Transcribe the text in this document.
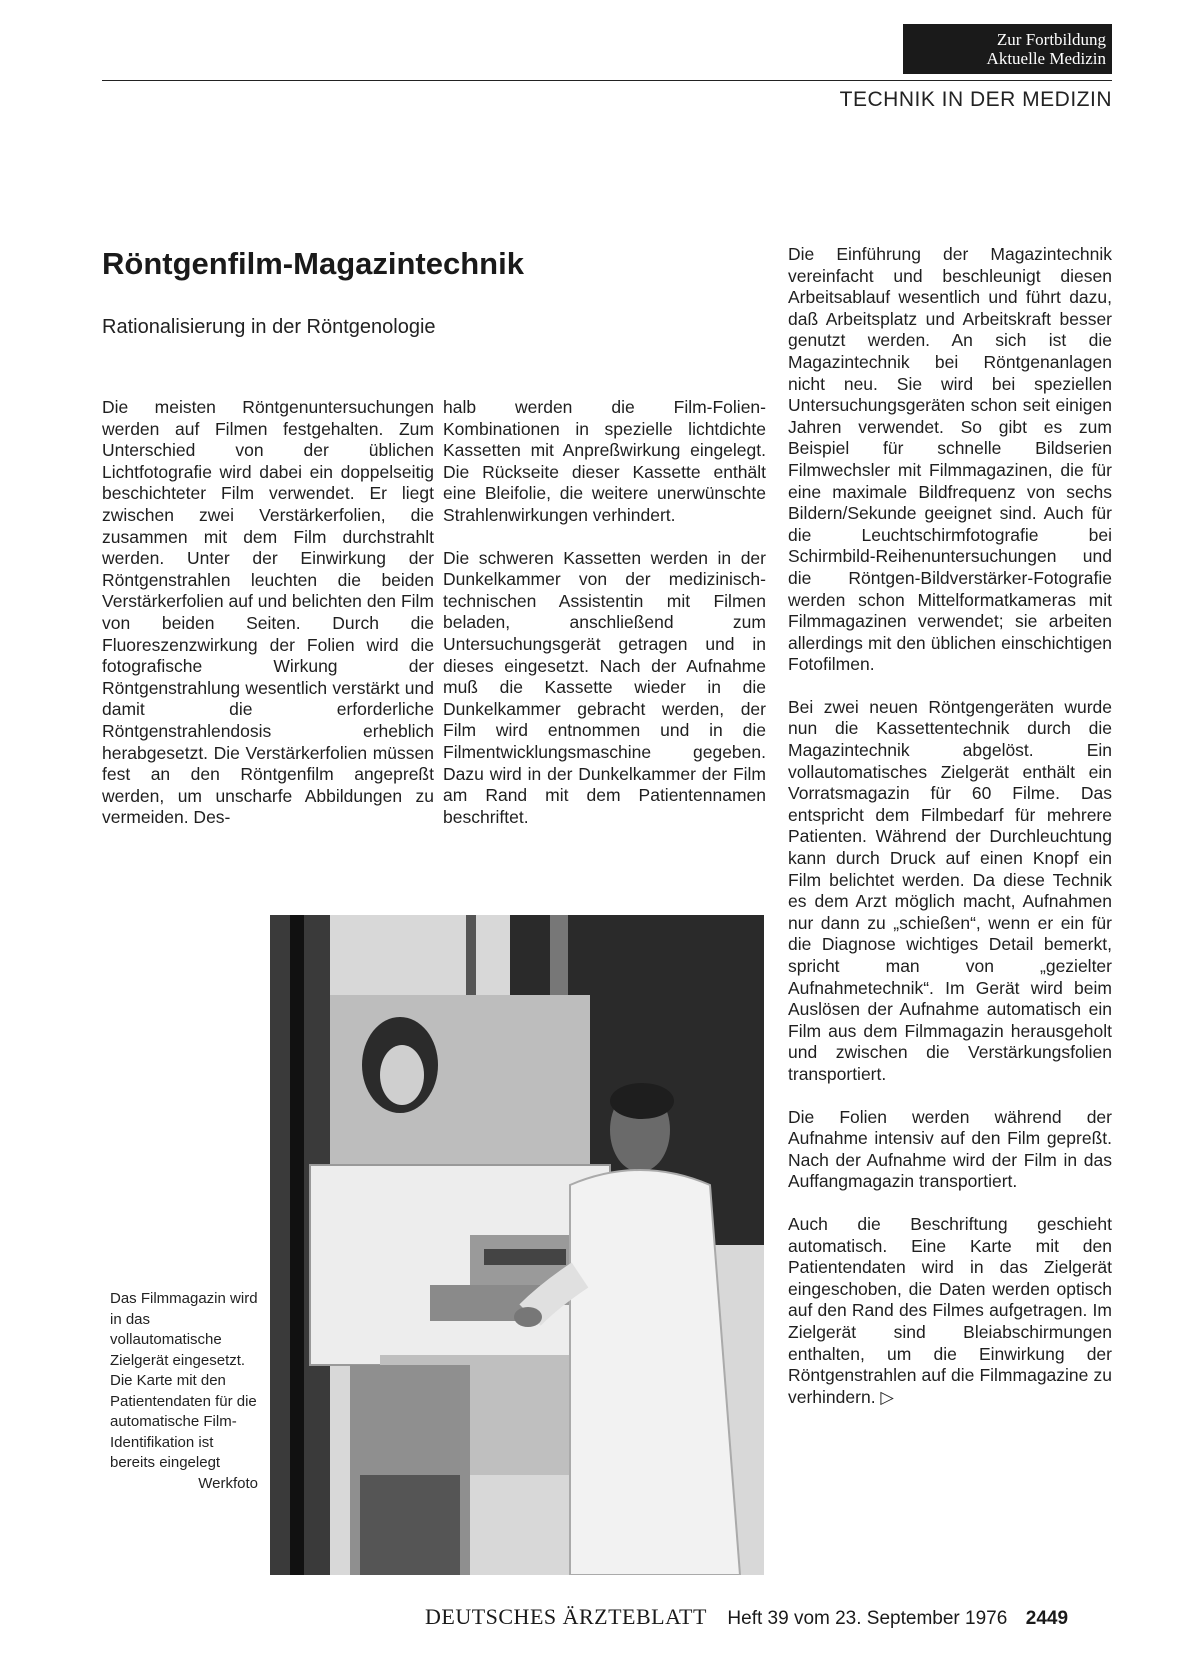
Zur Fortbildung
Aktuelle Medizin
TECHNIK IN DER MEDIZIN
Röntgenfilm-Magazintechnik
Rationalisierung in der Röntgenologie

Die meisten Röntgenuntersuchungen werden auf Filmen festgehalten. Zum Unterschied von der üblichen Lichtfotografie wird dabei ein doppelseitig beschichteter Film verwendet. Er liegt zwischen zwei Verstärkerfolien, die zusammen mit dem Film durchstrahlt werden. Unter der Einwirkung der Röntgenstrahlen leuchten die beiden Verstärkerfolien auf und belichten den Film von beiden Seiten. Durch die Fluoreszenzwirkung der Folien wird die fotografische Wirkung der Röntgenstrahlung wesentlich verstärkt und damit die erforderliche Röntgenstrahlendosis erheblich herabgesetzt. Die Verstärkerfolien müssen fest an den Röntgenfilm angepreßt werden, um unscharfe Abbildungen zu vermeiden. Des-

halb werden die Film-Folien-Kombinationen in spezielle lichtdichte Kassetten mit Anpreßwirkung eingelegt. Die Rückseite dieser Kassette enthält eine Bleifolie, die weitere unerwünschte Strahlenwirkungen verhindert.

Die schweren Kassetten werden in der Dunkelkammer von der medizinisch-technischen Assistentin mit Filmen beladen, anschließend zum Untersuchungsgerät getragen und in dieses eingesetzt. Nach der Aufnahme muß die Kassette wieder in die Dunkelkammer gebracht werden, der Film wird entnommen und in die Filmentwicklungsmaschine gegeben. Dazu wird in der Dunkelkammer der Film am Rand mit dem Patientennamen beschriftet.

Die Einführung der Magazintechnik vereinfacht und beschleunigt diesen Arbeitsablauf wesentlich und führt dazu, daß Arbeitsplatz und Arbeitskraft besser genutzt werden. An sich ist die Magazintechnik bei Röntgenanlagen nicht neu. Sie wird bei speziellen Untersuchungsgeräten schon seit einigen Jahren verwendet. So gibt es zum Beispiel für schnelle Bildserien Filmwechsler mit Filmmagazinen, die für eine maximale Bildfrequenz von sechs Bildern/Sekunde geeignet sind. Auch für die Leuchtschirmfotografie bei Schirmbild-Reihenuntersuchungen und die Röntgen-Bildverstärker-Fotografie werden schon Mittelformatkameras mit Filmmagazinen verwendet; sie arbeiten allerdings mit den üblichen einschichtigen Fotofilmen.

Bei zwei neuen Röntgengeräten wurde nun die Kassettentechnik durch die Magazintechnik abgelöst. Ein vollautomatisches Zielgerät enthält ein Vorratsmagazin für 60 Filme. Das entspricht dem Filmbedarf für mehrere Patienten. Während der Durchleuchtung kann durch Druck auf einen Knopf ein Film belichtet werden. Da diese Technik es dem Arzt möglich macht, Aufnahmen nur dann zu „schießen“, wenn er ein für die Diagnose wichtiges Detail bemerkt, spricht man von „gezielter Aufnahmetechnik“. Im Gerät wird beim Auslösen der Aufnahme automatisch ein Film aus dem Filmmagazin herausgeholt und zwischen die Verstärkungsfolien transportiert.

Die Folien werden während der Aufnahme intensiv auf den Film gepreßt. Nach der Aufnahme wird der Film in das Auffangmagazin transportiert.

Auch die Beschriftung geschieht automatisch. Eine Karte mit den Patientendaten wird in das Zielgerät eingeschoben, die Daten werden optisch auf den Rand des Filmes aufgetragen. Im Zielgerät sind Bleiabschirmungen enthalten, um die Einwirkung der Röntgenstrahlen auf die Filmmagazine zu verhindern. ▷

Das Filmmagazin wird in das vollautomatische Zielgerät eingesetzt. Die Karte mit den Patientendaten für die automatische Film-Identifikation ist bereits eingelegt
Werkfoto
DEUTSCHES ÄRZTEBLATT Heft 39 vom 23. September 1976 2449
